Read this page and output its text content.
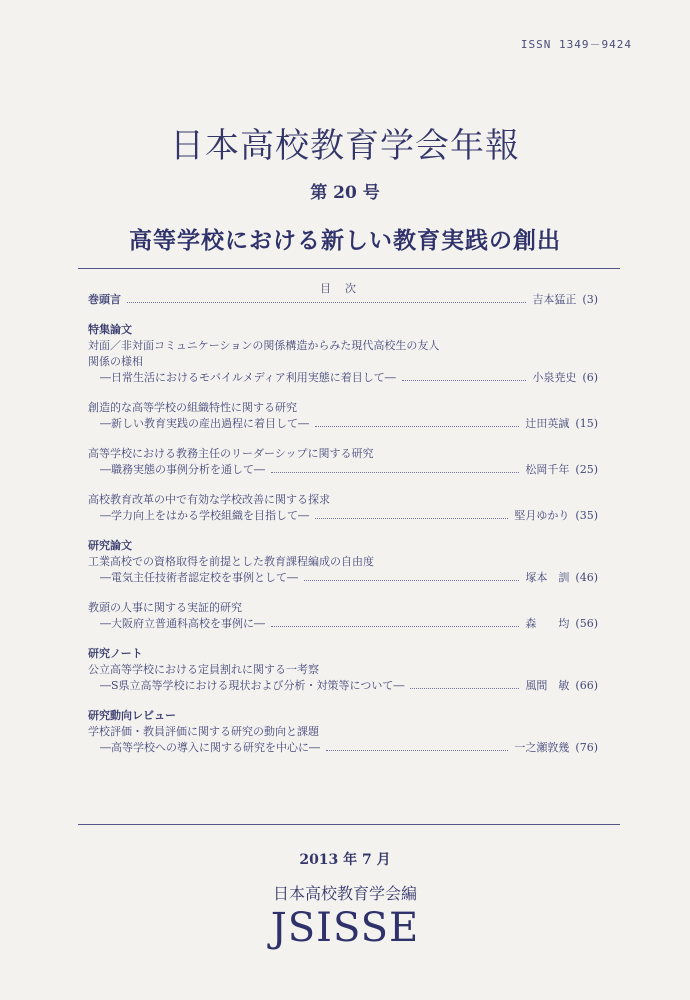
ISSN 1349－9424
日本高校教育学会年報
第 20 号
高等学校における新しい教育実践の創出
目次
巻頭言	吉本猛正 (3)
特集論文
対面／非対面コミュニケーションの関係構造からみた現代高校生の友人
関係の様相
―日常生活におけるモバイルメディア利用実態に着目して―	小泉尭史 (6)
創造的な高等学校の組織特性に関する研究
―新しい教育実践の産出過程に着目して―	辻田英誠 (15)
高等学校における教務主任のリーダーシップに関する研究
―職務実態の事例分析を通して―	松岡千年 (25)
高校教育改革の中で有効な学校改善に関する探求
―学力向上をはかる学校組織を目指して―	堅月ゆかり (35)
研究論文
工業高校での資格取得を前提とした教育課程編成の自由度
―電気主任技術者認定校を事例として―	塚本　訓 (46)
教頭の人事に関する実証的研究
―大阪府立普通科高校を事例に―	森　　均 (56)
研究ノート
公立高等学校における定員割れに関する一考察
―S県立高等学校における現状および分析・対策等について―	風間　敏 (66)
研究動向レビュー
学校評価・教員評価に関する研究の動向と課題
―高等学校への導入に関する研究を中心に―	一之瀬敦幾 (76)
2013 年 7 月
日本高校教育学会編
JSISSE
